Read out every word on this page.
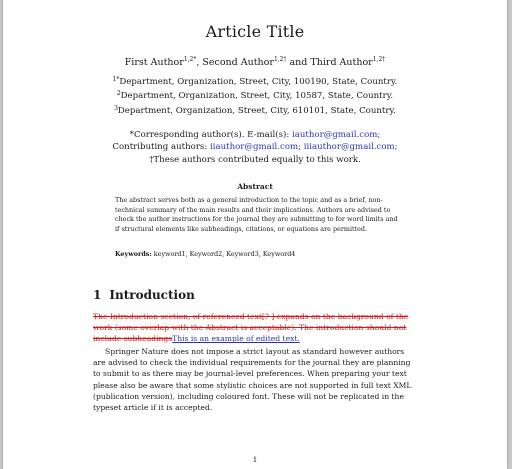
Article Title
First Author$^{1,2*}$, Second Author$^{1,2\dagger}$ and Third Author$^{1,2\dagger}$
$^{1*}$Department, Organization, Street, City, 100190, State, Country.
$^2$Department, Organization, Street, City, 10587, State, Country.
$^3$Department, Organization, Street, City, 610101, State, Country.
*Corresponding author(s). E-mail(s): iauthor@gmail.com;
Contributing authors: iiauthor@gmail.com; iiiauthor@gmail.com;
†These authors contributed equally to this work.
Abstract
The abstract serves both as a general introduction to the topic and as a brief, non-technical summary of the main results and their implications. Authors are advised to check the author instructions for the journal they are submitting to for word limits and if structural elements like subheadings, citations, or equations are permitted.
Keywords: keyword1, Keyword2, Keyword3, Keyword4
1 Introduction
The Introduction section, of referenced text[? ] expands on the background of the work (some overlap with the Abstract is acceptable). The introduction should not include subheadingsThis is an example of edited text.
Springer Nature does not impose a strict layout as standard however authors are advised to check the individual requirements for the journal they are planning to submit to as there may be journal-level preferences. When preparing your text please also be aware that some stylistic choices are not supported in full text XML (publication version), including coloured font. These will not be replicated in the typeset article if it is accepted.
1
